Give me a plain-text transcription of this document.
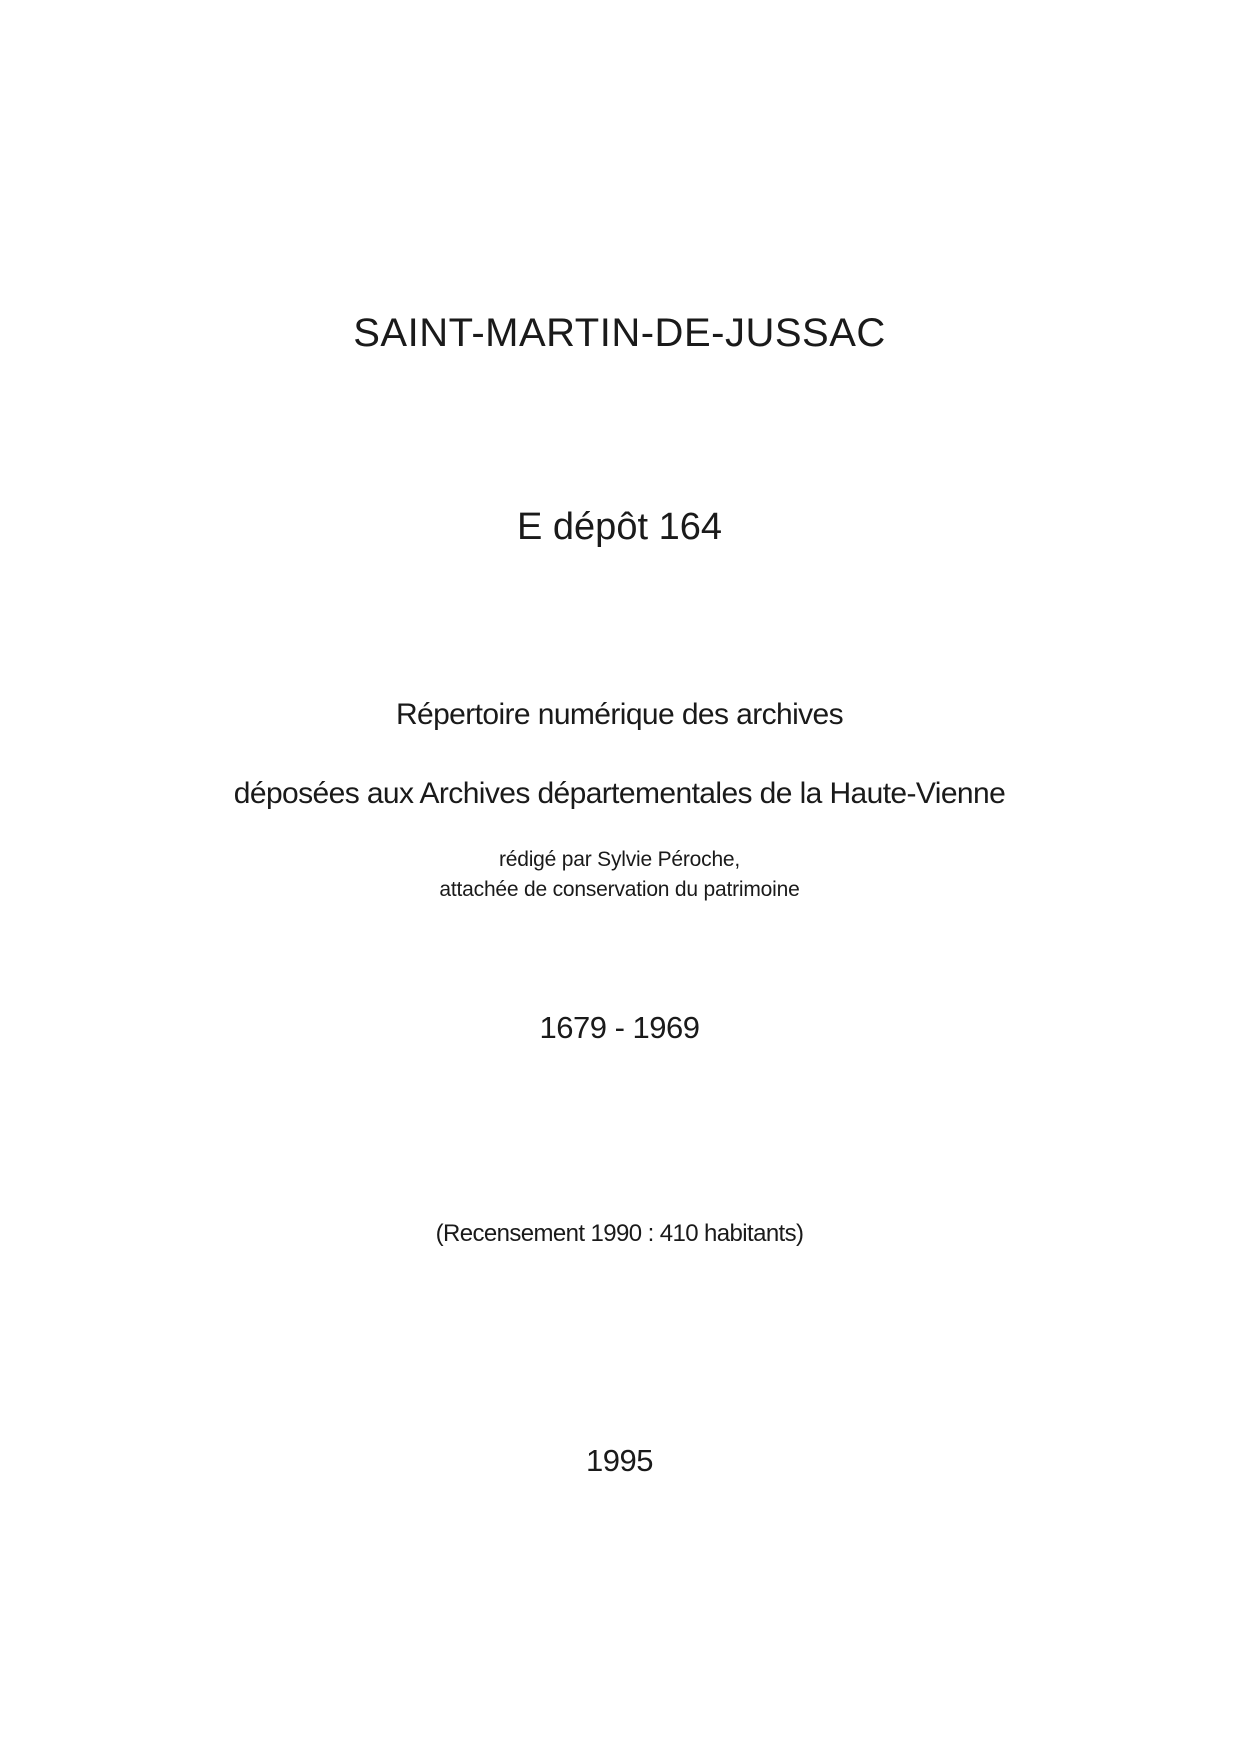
SAINT-MARTIN-DE-JUSSAC
E dépôt 164
Répertoire numérique des archives
déposées aux Archives départementales de la Haute-Vienne
rédigé par Sylvie Péroche,
attachée de conservation du patrimoine
1679 - 1969
(Recensement 1990 : 410 habitants)
1995
